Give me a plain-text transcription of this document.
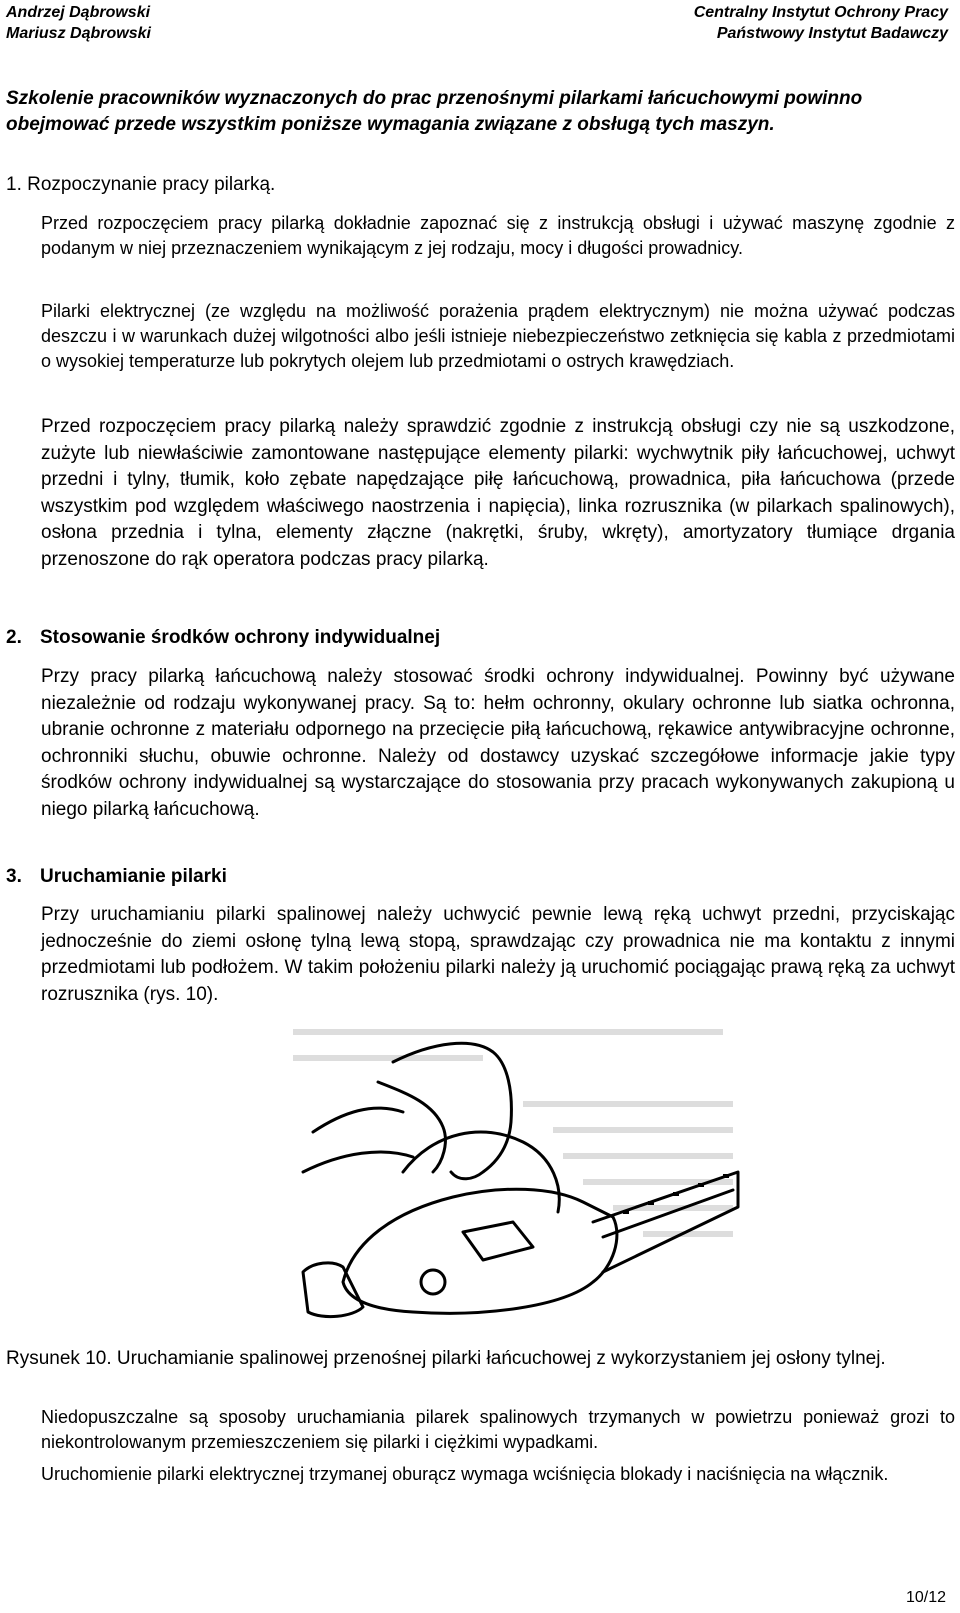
Andrzej Dąbrowski
Mariusz Dąbrowski
Centralny Instytut Ochrony Pracy
Państwowy Instytut Badawczy
Szkolenie pracowników wyznaczonych do prac przenośnymi pilarkami łańcuchowymi powinno obejmować przede wszystkim poniższe wymagania związane z obsługą tych maszyn.
1. Rozpoczynanie pracy pilarką.
Przed rozpoczęciem pracy pilarką dokładnie zapoznać się z instrukcją obsługi i używać maszynę zgodnie z podanym w niej przeznaczeniem wynikającym z jej rodzaju, mocy i długości prowadnicy.
Pilarki elektrycznej (ze względu na możliwość porażenia prądem elektrycznym) nie można używać podczas deszczu i w warunkach dużej wilgotności albo jeśli istnieje niebezpieczeństwo zetknięcia się kabla z przedmiotami o wysokiej temperaturze lub pokrytych olejem lub przedmiotami o ostrych krawędziach.
Przed rozpoczęciem pracy pilarką należy sprawdzić zgodnie z instrukcją obsługi czy nie są uszkodzone, zużyte lub niewłaściwie zamontowane następujące elementy pilarki: wychwytnik piły łańcuchowej, uchwyt przedni i tylny, tłumik, koło zębate napędzające piłę łańcuchową, prowadnica, piła łańcuchowa (przede wszystkim pod względem właściwego naostrzenia i napięcia), linka rozrusznika (w pilarkach spalinowych), osłona przednia i tylna, elementy złączne (nakrętki, śruby, wkręty), amortyzatory tłumiące drgania przenoszone do rąk operatora podczas pracy pilarką.
2. Stosowanie środków ochrony indywidualnej
Przy pracy pilarką łańcuchową należy stosować środki ochrony indywidualnej. Powinny być używane niezależnie od rodzaju wykonywanej pracy. Są to: hełm ochronny, okulary ochronne lub siatka ochronna, ubranie ochronne z materiału odpornego na przecięcie piłą łańcuchową, rękawice antywibracyjne ochronne, ochronniki słuchu, obuwie ochronne. Należy od dostawcy uzyskać szczegółowe informacje jakie typy środków ochrony indywidualnej są wystarczające do stosowania przy pracach wykonywanych zakupioną u niego pilarką łańcuchową.
3. Uruchamianie pilarki
Przy uruchamianiu pilarki spalinowej należy uchwycić pewnie lewą ręką uchwyt przedni, przyciskając jednocześnie do ziemi osłonę tylną lewą stopą, sprawdzając czy prowadnica nie ma kontaktu z innymi przedmiotami lub podłożem. W takim położeniu pilarki należy ją uruchomić pociągając prawą ręką za uchwyt rozrusznika (rys. 10).
Rysunek 10. Uruchamianie spalinowej przenośnej pilarki łańcuchowej z wykorzystaniem jej osłony tylnej.
Niedopuszczalne są sposoby uruchamiania pilarek spalinowych trzymanych w powietrzu ponieważ grozi to niekontrolowanym przemieszczeniem się pilarki i ciężkimi wypadkami.
Uruchomienie pilarki elektrycznej trzymanej oburącz wymaga wciśnięcia blokady i naciśnięcia na włącznik.
10/12
